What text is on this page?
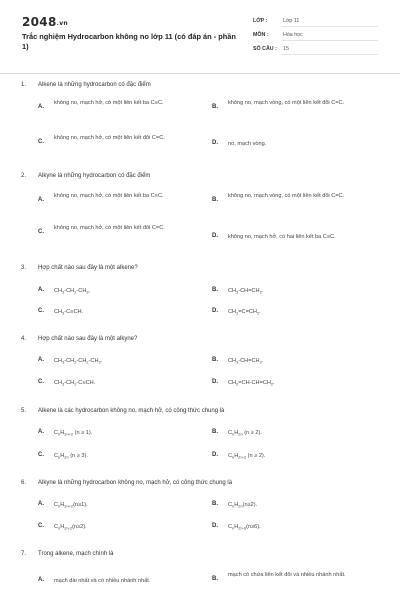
2048.vn
Trắc nghiệm Hydrocarbon không no lớp 11 (có đáp án - phần 1)
LỚP :	Lớp 11
MÔN :	Hóa học
SỐ CÂU : 15
1. Alkene là những hydrocarbon có đặc điểm
A.
không no, mạch hở, có một liên kết ba C≡C.
B.
không no, mạch vòng, có một liên kết đôi C=C.
C.
không no, mạch hở, có một liên kết đôi C=C.
D. no, mạch vòng.
2. Alkyne là những hydrocarbon có đặc điểm
A.
không no, mạch hở, có một liên kết ba C≡C.
B.
không no, mạch vòng, có một liên kết đôi C=C.
C.
không no, mạch hở, có một liên kết đôi C=C.
D. không no, mạch hở, có hai liên kết ba C≡C.
3. Hợp chất nào sau đây là một alkene?
A. $CH_3-CH_2-CH_3$.	B. $CH_3-CH=CH_2$.
C. $CH_3-C\equiv CH$.	D. $CH_2=C=CH_2$.
4. Hợp chất nào sau đây là một alkyne?
A. $CH_3-CH_2-CH_2-CH_3$.	B. $CH_3-CH=CH_2$.
C. $CH_3-CH_2-C\equiv CH$.	D. $CH_2=CH-CH=CH_2$.
5. Alkene là các hydrocarbon không no, mạch hở, có công thức chung là
A. $C_nH_{2n+2}$ (n ≥ 1).	B. $C_nH_{2n}$ (n ≥ 2).
C. $C_nH_{2n}$ (n ≥ 3).	D. $C_nH_{2n-2}$ (n ≥ 2).
6. Alkyne là những hydrocarbon không no, mạch hở, có công thức chung là
A. $C_nH_{2n+2}(n\ge 1)$.	B. $C_nH_{2n}(n\ge 2)$.
C. $C_nH_{2n-2}(n\ge 2)$.	D. $C_nH_{2n-6}(n\ge 6)$.
7. Trong alkene, mạch chính là
A. mạch dài nhất và có nhiều nhánh nhất.	B.
mạch có chứa liên kết đôi và nhiều nhánh nhất.
